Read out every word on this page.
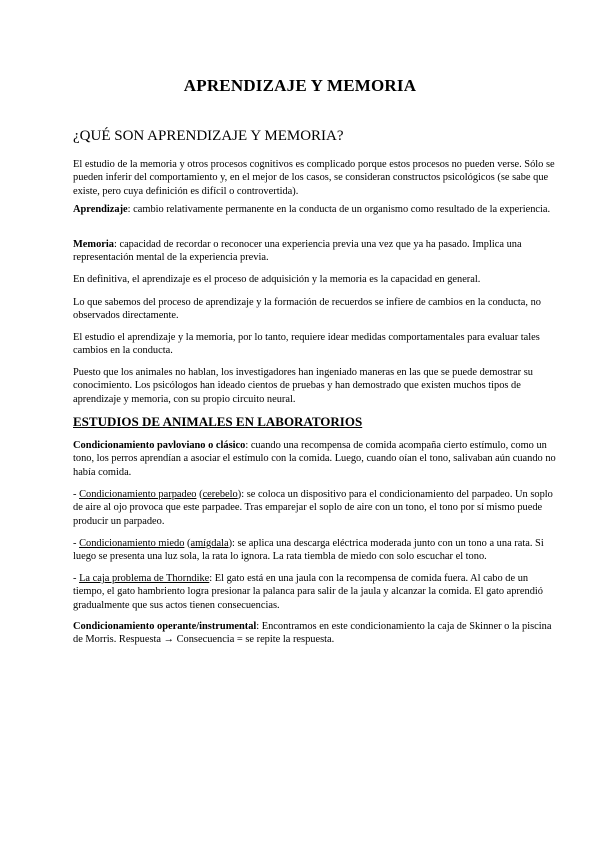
APRENDIZAJE Y MEMORIA
¿QUÉ SON APRENDIZAJE Y MEMORIA?

El estudio de la memoria y otros procesos cognitivos es complicado porque estos procesos no pueden verse. Sólo se pueden inferir del comportamiento y, en el mejor de los casos, se consideran constructos psicológicos (se sabe que existe, pero cuya definición es difícil o controvertida).

Aprendizaje: cambio relativamente permanente en la conducta de un organismo como resultado de la experiencia.

Memoria: capacidad de recordar o reconocer una experiencia previa una vez que ya ha pasado. Implica una representación mental de la experiencia previa.

En definitiva, el aprendizaje es el proceso de adquisición y la memoria es la capacidad en general.

Lo que sabemos del proceso de aprendizaje y la formación de recuerdos se infiere de cambios en la conducta, no observados directamente.

El estudio el aprendizaje y la memoria, por lo tanto, requiere idear medidas comportamentales para evaluar tales cambios en la conducta.

Puesto que los animales no hablan, los investigadores han ingeniado maneras en las que se puede demostrar su conocimiento. Los psicólogos han ideado cientos de pruebas y han demostrado que existen muchos tipos de aprendizaje y memoria, con su propio circuito neural.

ESTUDIOS DE ANIMALES EN LABORATORIOS

Condicionamiento pavloviano o clásico: cuando una recompensa de comida acompaña cierto estímulo, como un tono, los perros aprendían a asociar el estímulo con la comida. Luego, cuando oían el tono, salivaban aún cuando no había comida.

- Condicionamiento parpadeo (cerebelo): se coloca un dispositivo para el condicionamiento del parpadeo. Un soplo de aire al ojo provoca que este parpadee. Tras emparejar el soplo de aire con un tono, el tono por sí mismo puede producir un parpadeo.

- Condicionamiento miedo (amígdala): se aplica una descarga eléctrica moderada junto con un tono a una rata. Si luego se presenta una luz sola, la rata lo ignora. La rata tiembla de miedo con solo escuchar el tono.

- La caja problema de Thorndike: El gato está en una jaula con la recompensa de comida fuera. Al cabo de un tiempo, el gato hambriento logra presionar la palanca para salir de la jaula y alcanzar la comida. El gato aprendió gradualmente que sus actos tienen consecuencias.

Condicionamiento operante/instrumental: Encontramos en este condicionamiento la caja de Skinner o la piscina de Morris. Respuesta → Consecuencia = se repite la respuesta.
